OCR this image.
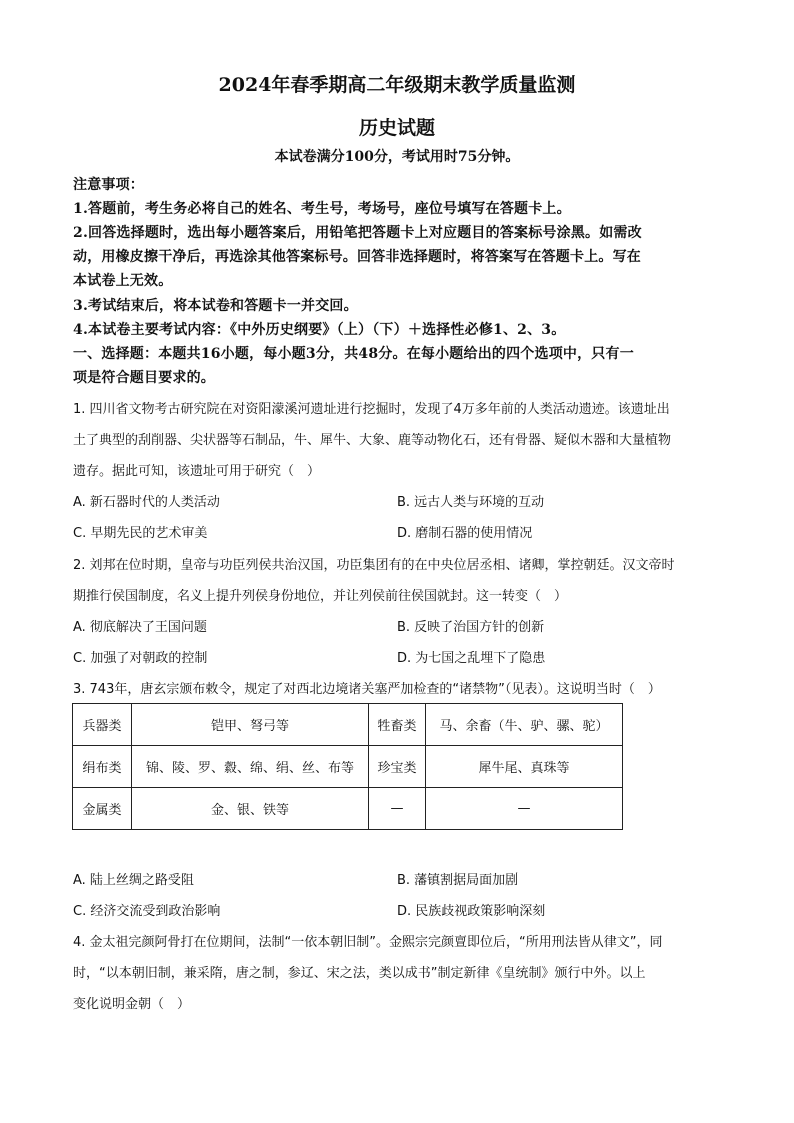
2024年春季期高二年级期末教学质量监测
历史试题
本试卷满分100分，考试用时75分钟。
注意事项：
1.答题前，考生务必将自己的姓名、考生号，考场号，座位号填写在答题卡上。
2.回答选择题时，选出每小题答案后，用铅笔把答题卡上对应题目的答案标号涂黑。如需改
动，用橡皮擦干净后，再选涂其他答案标号。回答非选择题时，将答案写在答题卡上。写在
本试卷上无效。
3.考试结束后，将本试卷和答题卡一并交回。
4.本试卷主要考试内容：《中外历史纲要》（上）（下）＋选择性必修1、2、3。
一、选择题：本题共16小题，每小题3分，共48分。在每小题给出的四个选项中，只有一
项是符合题目要求的。
1. 四川省文物考古研究院在对资阳濛溪河遗址进行挖掘时，发现了4万多年前的人类活动遗迹。该遗址出
土了典型的刮削器、尖状器等石制品，牛、犀牛、大象、鹿等动物化石，还有骨器、疑似木器和大量植物
遗存。据此可知，该遗址可用于研究（　）
A. 新石器时代的人类活动	B. 远古人类与环境的互动
C. 早期先民的艺术审美	D. 磨制石器的使用情况
2. 刘邦在位时期，皇帝与功臣列侯共治汉国，功臣集团有的在中央位居丞相、诸卿，掌控朝廷。汉文帝时
期推行侯国制度，名义上提升列侯身份地位，并让列侯前往侯国就封。这一转变（　）
A. 彻底解决了王国问题	B. 反映了治国方针的创新
C. 加强了对朝政的控制	D. 为七国之乱埋下了隐患
3. 743年，唐玄宗颁布敕令，规定了对西北边境诸关塞严加检查的“诸禁物”（见表）。这说明当时（　）
兵器类	铠甲、弩弓等	牲畜类	马、余畜（牛、驴、骡、驼）
绢布类	锦、陵、罗、縠、绵、绢、丝、布等	珍宝类	犀牛尾、真珠等
金属类	金、银、铁等	—	—
A. 陆上丝绸之路受阻	B. 藩镇割据局面加剧
C. 经济交流受到政治影响	D. 民族歧视政策影响深刻
4. 金太祖完颜阿骨打在位期间，法制“一依本朝旧制”。金熙宗完颜亶即位后，“所用刑法皆从律文”，同
时，“以本朝旧制，兼采隋，唐之制，参辽、宋之法，类以成书”制定新律《皇统制》颁行中外。以上
变化说明金朝（　）
